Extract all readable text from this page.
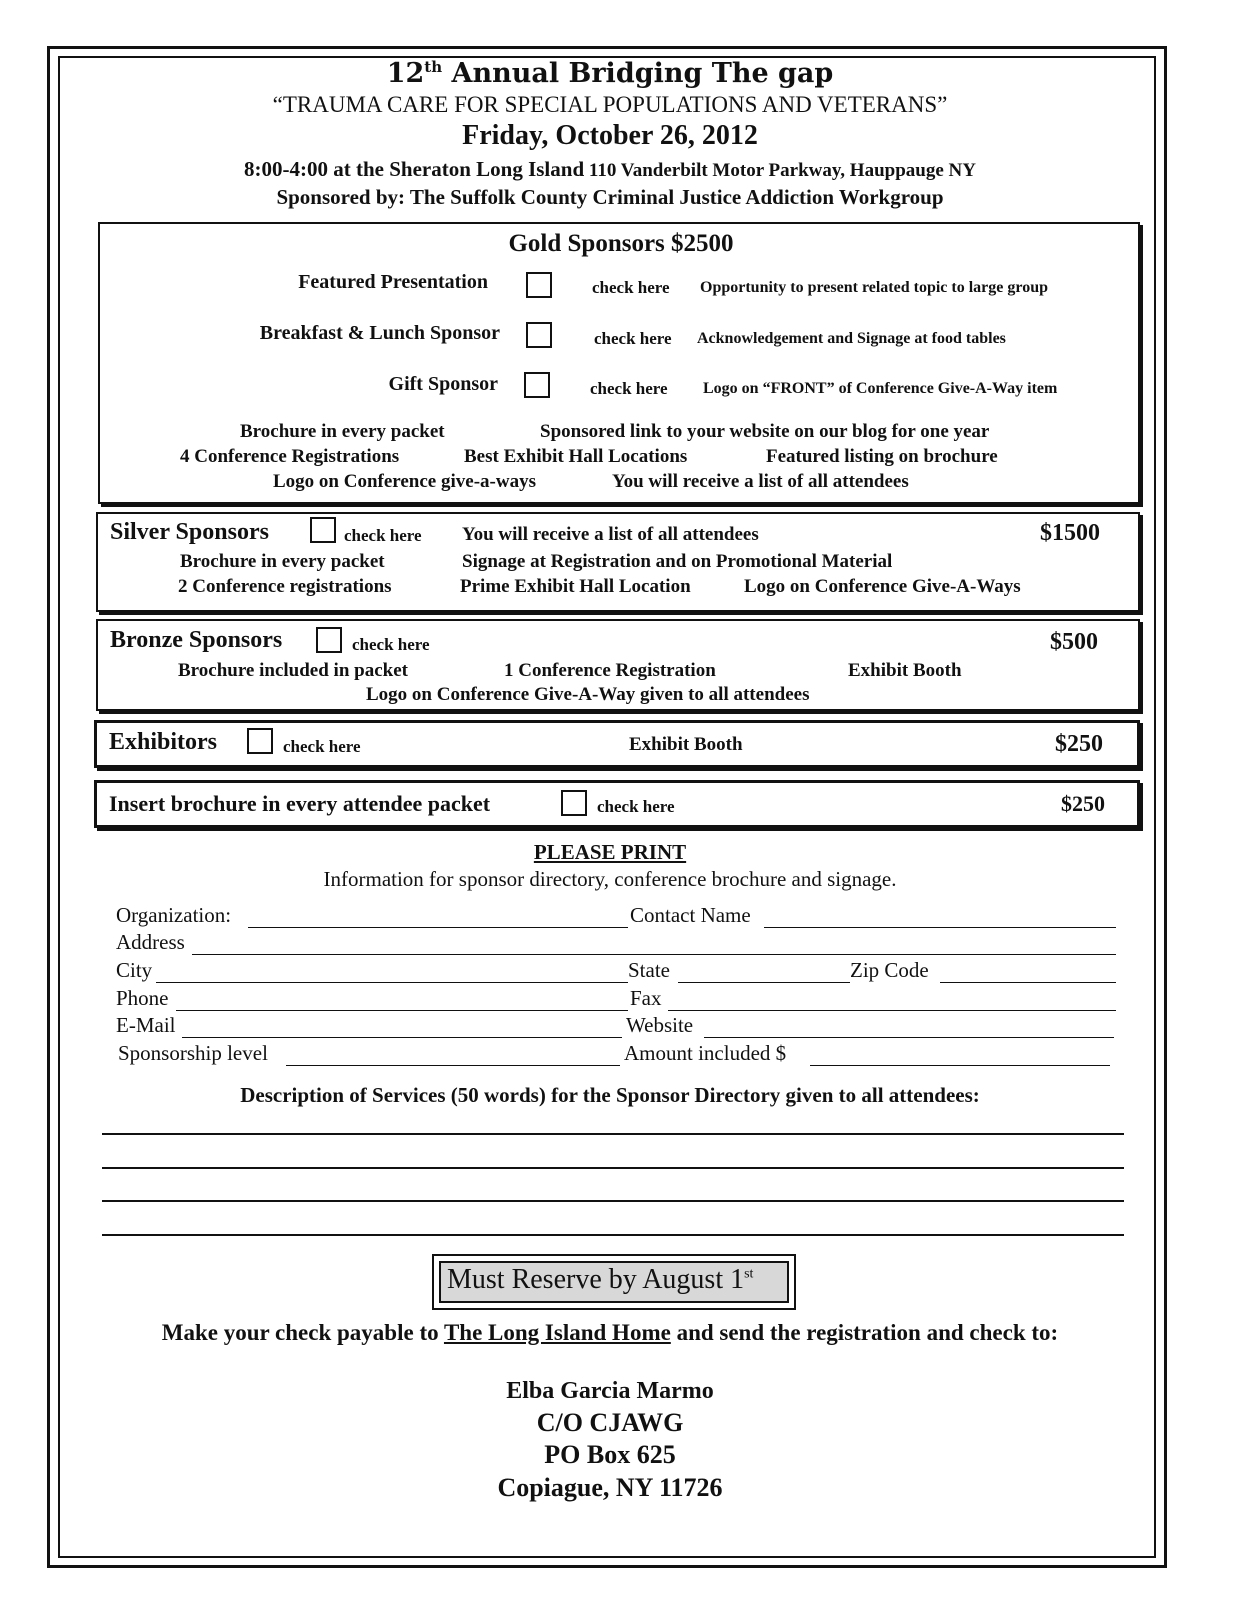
12th Annual Bridging The gap
“TRAUMA CARE FOR SPECIAL POPULATIONS AND VETERANS”
Friday, October 26, 2012
8:00-4:00 at the Sheraton Long Island 110 Vanderbilt Motor Parkway, Hauppauge NY
Sponsored by: The Suffolk County Criminal Justice Addiction Workgroup
Gold Sponsors $2500
Featured Presentation	check here Opportunity to present related topic to large group
Breakfast & Lunch Sponsor	check here Acknowledgement and Signage at food tables
Gift Sponsor	check here Logo on “FRONT” of Conference Give-A-Way item
Brochure in every packet	Sponsored link to your website on our blog for one year
4 Conference Registrations	Best Exhibit Hall Locations	Featured listing on brochure
Logo on Conference give-a-ways	You will receive a list of all attendees
Silver Sponsors	check here You will receive a list of all attendees	$1500
Brochure in every packet	Signage at Registration and on Promotional Material
2 Conference registrations	Prime Exhibit Hall Location	Logo on Conference Give-A-Ways
Bronze Sponsors	check here	$500
Brochure included in packet	1 Conference Registration	Exhibit Booth
Logo on Conference Give-A-Way given to all attendees
Exhibitors	check here	Exhibit Booth	$250
Insert brochure in every attendee packet	check here	$250
PLEASE PRINT
Information for sponsor directory, conference brochure and signage.
Organization:	Contact Name
Address
City	State	Zip Code
Phone	Fax
E-Mail	Website
Sponsorship level	Amount included $
Description of Services (50 words) for the Sponsor Directory given to all attendees:
Must Reserve by August 1st
Make your check payable to The Long Island Home and send the registration and check to:
Elba Garcia Marmo
C/O CJAWG
PO Box 625
Copiague, NY 11726
